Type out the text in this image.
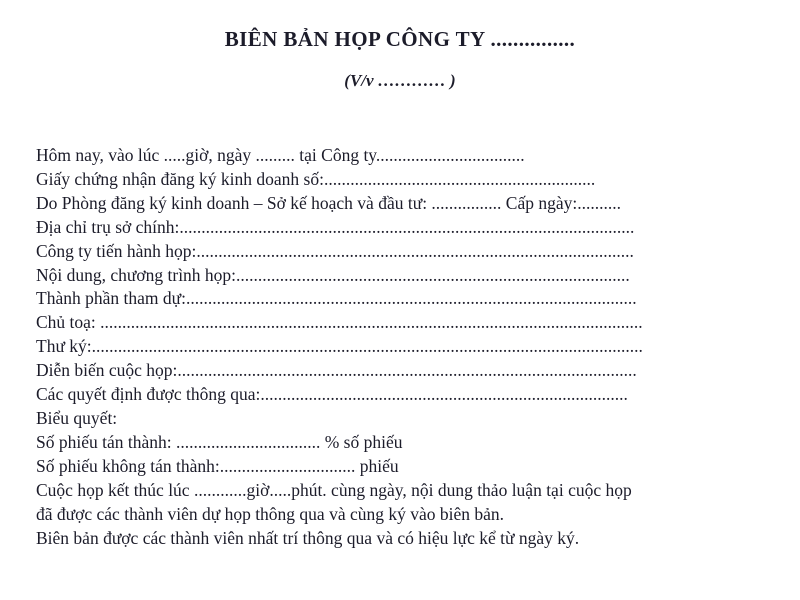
BIÊN BẢN HỌP CÔNG TY ...............

(V/v ………… )

Hôm nay, vào lúc .....giờ, ngày ......... tại Công ty..................................
Giấy chứng nhận đăng ký kinh doanh số:..............................................................
Do Phòng đăng ký kinh doanh – Sở kế hoạch và đầu tư: ................ Cấp ngày:..........
Địa chỉ trụ sở chính:........................................................................................................
Công ty tiến hành họp:....................................................................................................
Nội dung, chương trình họp:..........................................................................................
Thành phần tham dự:.......................................................................................................
Chủ toạ: ............................................................................................................................
Thư ký:..............................................................................................................................
Diễn biến cuộc họp:.........................................................................................................
Các quyết định được thông qua:....................................................................................
Biểu quyết:
Số phiếu tán thành: ................................. % số phiếu
Số phiếu không tán thành:............................... phiếu
Cuộc họp kết thúc lúc ............giờ.....phút. cùng ngày, nội dung thảo luận tại cuộc họp
đã được các thành viên dự họp thông qua và cùng ký vào biên bản.
Biên bản được các thành viên nhất trí thông qua và có hiệu lực kể từ ngày ký.
